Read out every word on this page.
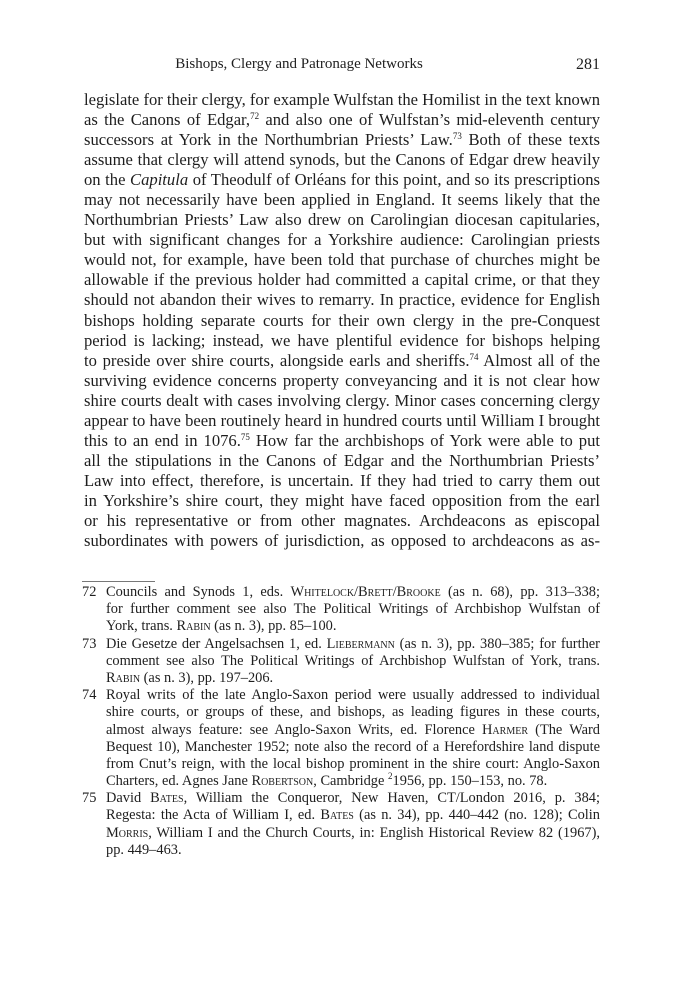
Bishops, Clergy and Patronage Networks	281
legislate for their clergy, for example Wulfstan the Homilist in the text known
as the Canons of Edgar,$^{72}$ and also one of Wulfstan’s mid-eleventh century
successors at York in the Northumbrian Priests’ Law.$^{73}$ Both of these texts
assume that clergy will attend synods, but the Canons of Edgar drew heavily
on the Capitula of Theodulf of Orléans for this point, and so its prescriptions
may not necessarily have been applied in England. It seems likely that the
Northumbrian Priests’ Law also drew on Carolingian diocesan capitularies,
but with significant changes for a Yorkshire audience: Carolingian priests
would not, for example, have been told that purchase of churches might be
allowable if the previous holder had committed a capital crime, or that they
should not abandon their wives to remarry. In practice, evidence for English
bishops holding separate courts for their own clergy in the pre-Conquest
period is lacking; instead, we have plentiful evidence for bishops helping
to preside over shire courts, alongside earls and sheriffs.$^{74}$ Almost all of the
surviving evidence concerns property conveyancing and it is not clear how
shire courts dealt with cases involving clergy. Minor cases concerning clergy
appear to have been routinely heard in hundred courts until William I brought
this to an end in 1076.75 How far the archbishops of York were able to put
all the stipulations in the Canons of Edgar and the Northumbrian Priests’
Law into effect, therefore, is uncertain. If they had tried to carry them out
in Yorkshire’s shire court, they might have faced opposition from the earl
or his representative or from other magnates. Archdeacons as episcopal
subordinates with powers of jurisdiction, as opposed to archdeacons as as-
72 Councils and Synods 1, eds. Whitelock/Brett/Brooke (as n. 68), pp. 313–338;
for further comment see also The Political Writings of Archbishop Wulfstan of
York, trans. Rabin (as n. 3), pp. 85–100.
73 Die Gesetze der Angelsachsen 1, ed. Liebermann (as n. 3), pp. 380–385; for further
comment see also The Political Writings of Archbishop Wulfstan of York, trans.
Rabin (as n. 3), pp. 197–206.
74 Royal writs of the late Anglo-Saxon period were usually addressed to individual
shire courts, or groups of these, and bishops, as leading figures in these courts,
almost always feature: see Anglo-Saxon Writs, ed. Florence Harmer (The Ward
Bequest 10), Manchester 1952; note also the record of a Herefordshire land dispute
from Cnut’s reign, with the local bishop prominent in the shire court: Anglo-Saxon
Charters, ed. Agnes Jane Robertson, Cambridge $^2$1956, pp. 150–153, no. 78.
75 David Bates, William the Conqueror, New Haven, CT/London 2016, p. 384;
Regesta: the Acta of William I, ed. Bates (as n. 34), pp. 440–442 (no. 128); Colin
Morris, William I and the Church Courts, in: English Historical Review 82 (1967),
pp. 449–463.
